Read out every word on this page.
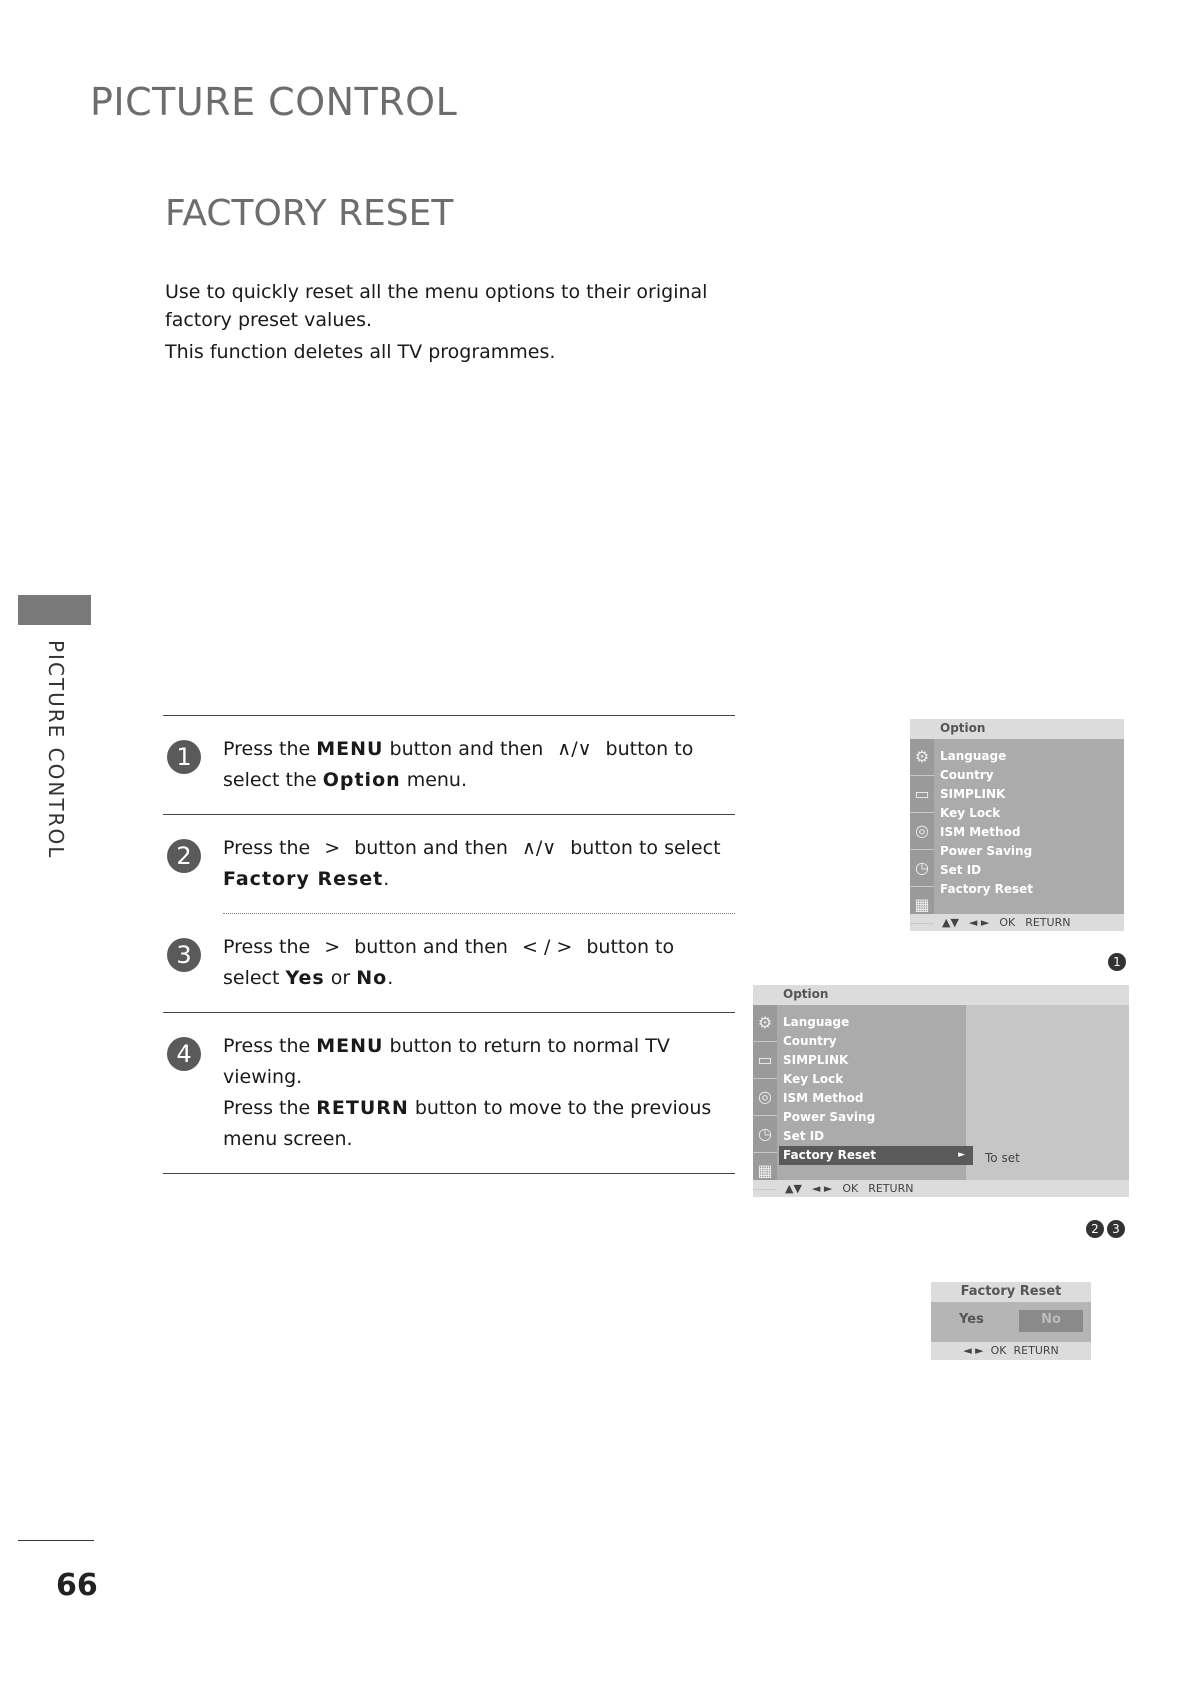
PICTURE CONTROL
FACTORY RESET

Use to quickly reset all the menu options to their original factory preset values.

This function deletes all TV programmes.

PICTURE CONTROL	1	Press the MENU button and then ∧/∨ button to select the Option menu.
2	Press the > button and then ∧/∨ button to select Factory Reset.
3	Press the > button and then < / > button to select Yes or No.
4	Press the MENU button to return to normal TV viewing.
Press the RETURN button to move to the previous menu screen.
Option
⚙
▭
◎
◷
▦
Language
Country
SIMPLINK
Key Lock
ISM Method
Power Saving
Set ID
Factory Reset
▲▼ ◄ ► OK RETURN
1
Option
⚙
▭
◎
◷
▦
Language
Country
SIMPLINK
Key Lock
ISM Method
Power Saving
Set ID
Factory Reset	► To set
▲▼ ◄ ► OK RETURN
2 3
Factory Reset
Yes	No
◄ ► OK RETURN
66
